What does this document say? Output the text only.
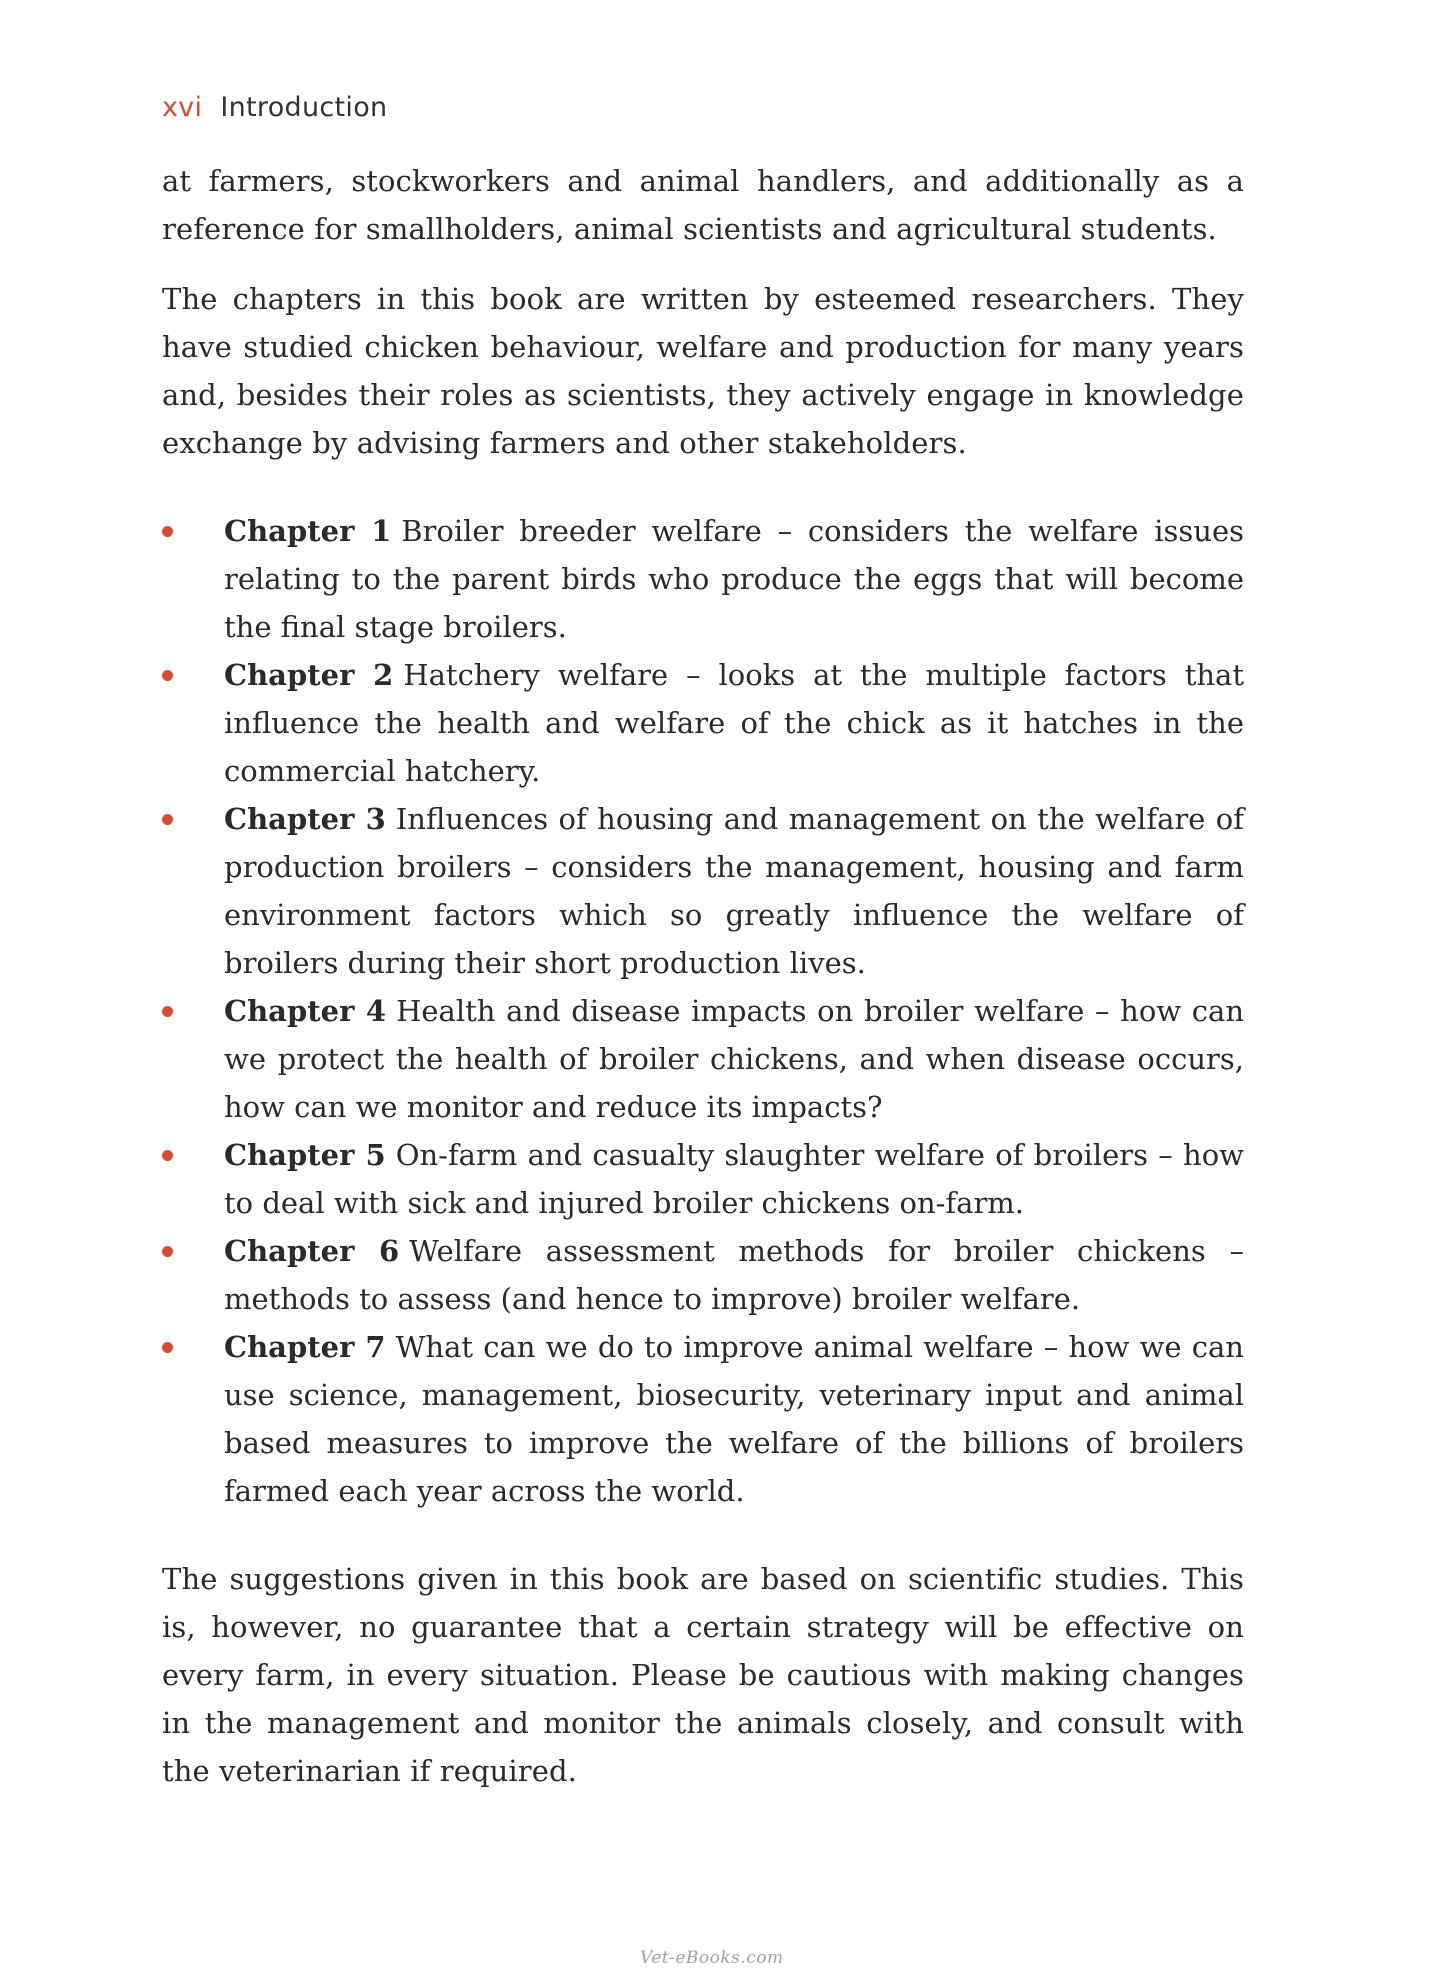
xvi Introduction

at farmers, stockworkers and animal handlers, and additionally as a reference for smallholders, animal scientists and agricultural students.

The chapters in this book are written by esteemed researchers. They have studied chicken behaviour, welfare and production for many years and, besides their roles as scientists, they actively engage in knowledge exchange by advising farmers and other stakeholders.

Chapter 1 Broiler breeder welfare – considers the welfare issues relating to the parent birds who produce the eggs that will become the final stage broilers.
Chapter 2 Hatchery welfare – looks at the multiple factors that influence the health and welfare of the chick as it hatches in the commercial hatchery.
Chapter 3 Influences of housing and management on the welfare of production broilers – considers the management, housing and farm environment factors which so greatly influence the welfare of broilers during their short production lives.
Chapter 4 Health and disease impacts on broiler welfare – how can we protect the health of broiler chickens, and when disease occurs, how can we monitor and reduce its impacts?
Chapter 5 On-farm and casualty slaughter welfare of broilers – how to deal with sick and injured broiler chickens on-farm.
Chapter 6 Welfare assessment methods for broiler chickens – methods to assess (and hence to improve) broiler welfare.
Chapter 7 What can we do to improve animal welfare – how we can use science, management, biosecurity, veterinary input and animal based measures to improve the welfare of the billions of broilers farmed each year across the world.

The suggestions given in this book are based on scientific studies. This is, however, no guarantee that a certain strategy will be effective on every farm, in every situation. Please be cautious with making changes in the management and monitor the animals closely, and consult with the veterinarian if required.

Vet-eBooks.com
